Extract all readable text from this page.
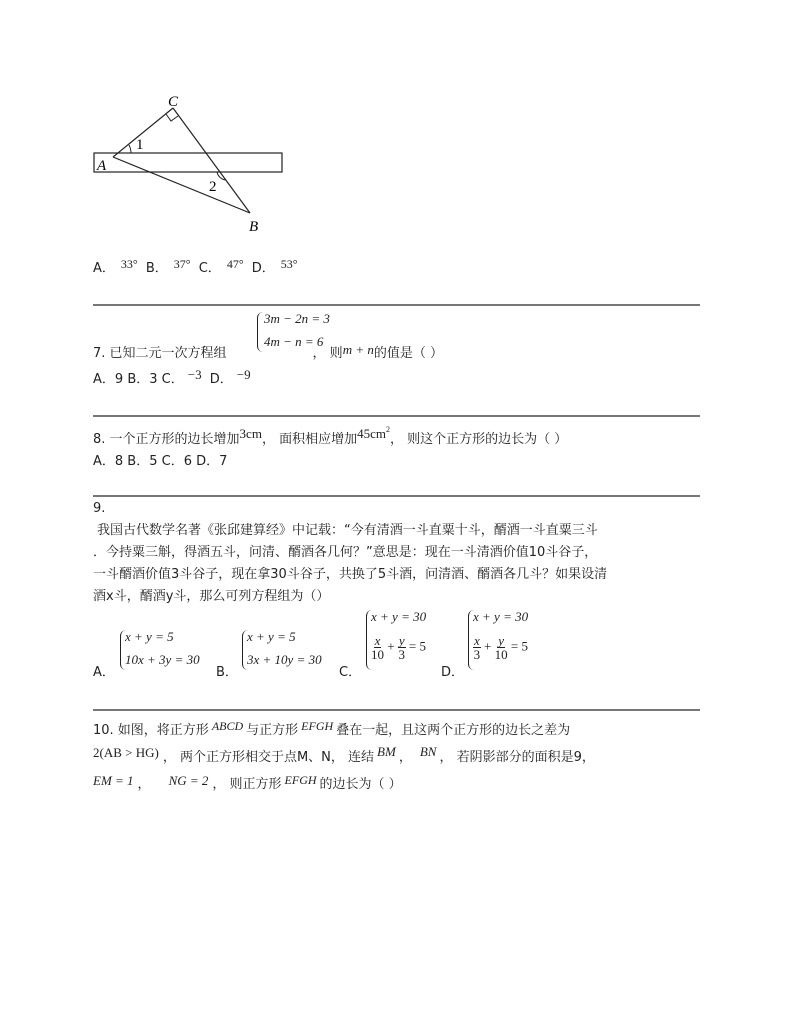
C
A
B
1
2
A． 33° B． 37° C． 47° D． 53°
3m − 2n = 3
4m − n = 6
7. 已知二元一次方程组	， 则m + n的值是（ ）
A．9 B．3 C． −3 D． −9
8. 一个正方形的边长增加3cm， 面积相应增加$45cm^2$， 则这个正方形的边长为（ ）
A．8 B．5 C．6 D．7
9.
我国古代数学名著《张邱建算经》中记载：“今有清酒一斗直粟十斗，醑酒一斗直粟三斗
．今持粟三斛，得酒五斗，问清、醑酒各几何？”意思是：现在一斗清酒价值10斗谷子，
一斗醑酒价值3斗谷子，现在拿30斗谷子，共换了5斗酒，问清酒、醑酒各几斗？如果设清
酒x斗，醑酒y斗，那么可列方程组为（）
A．
x + y = 5
10x + 3y = 30
B．
x + y = 5
3x + 10y = 30
C．
x + y = 30
$\frac{x}{10} + \frac{y}{3} = 5$
D．
x + y = 30
$\frac{x}{3} + \frac{y}{10} = 5$
10. 如图，将正方形 ABCD 与正方形 EFGH 叠在一起，且这两个正方形的边长之差为
2(AB > HG) ， 两个正方形相交于点M、N， 连结 BM ， BN ， 若阴影部分的面积是9，
EM = 1 ， NG = 2 ， 则正方形 EFGH 的边长为（ ）
